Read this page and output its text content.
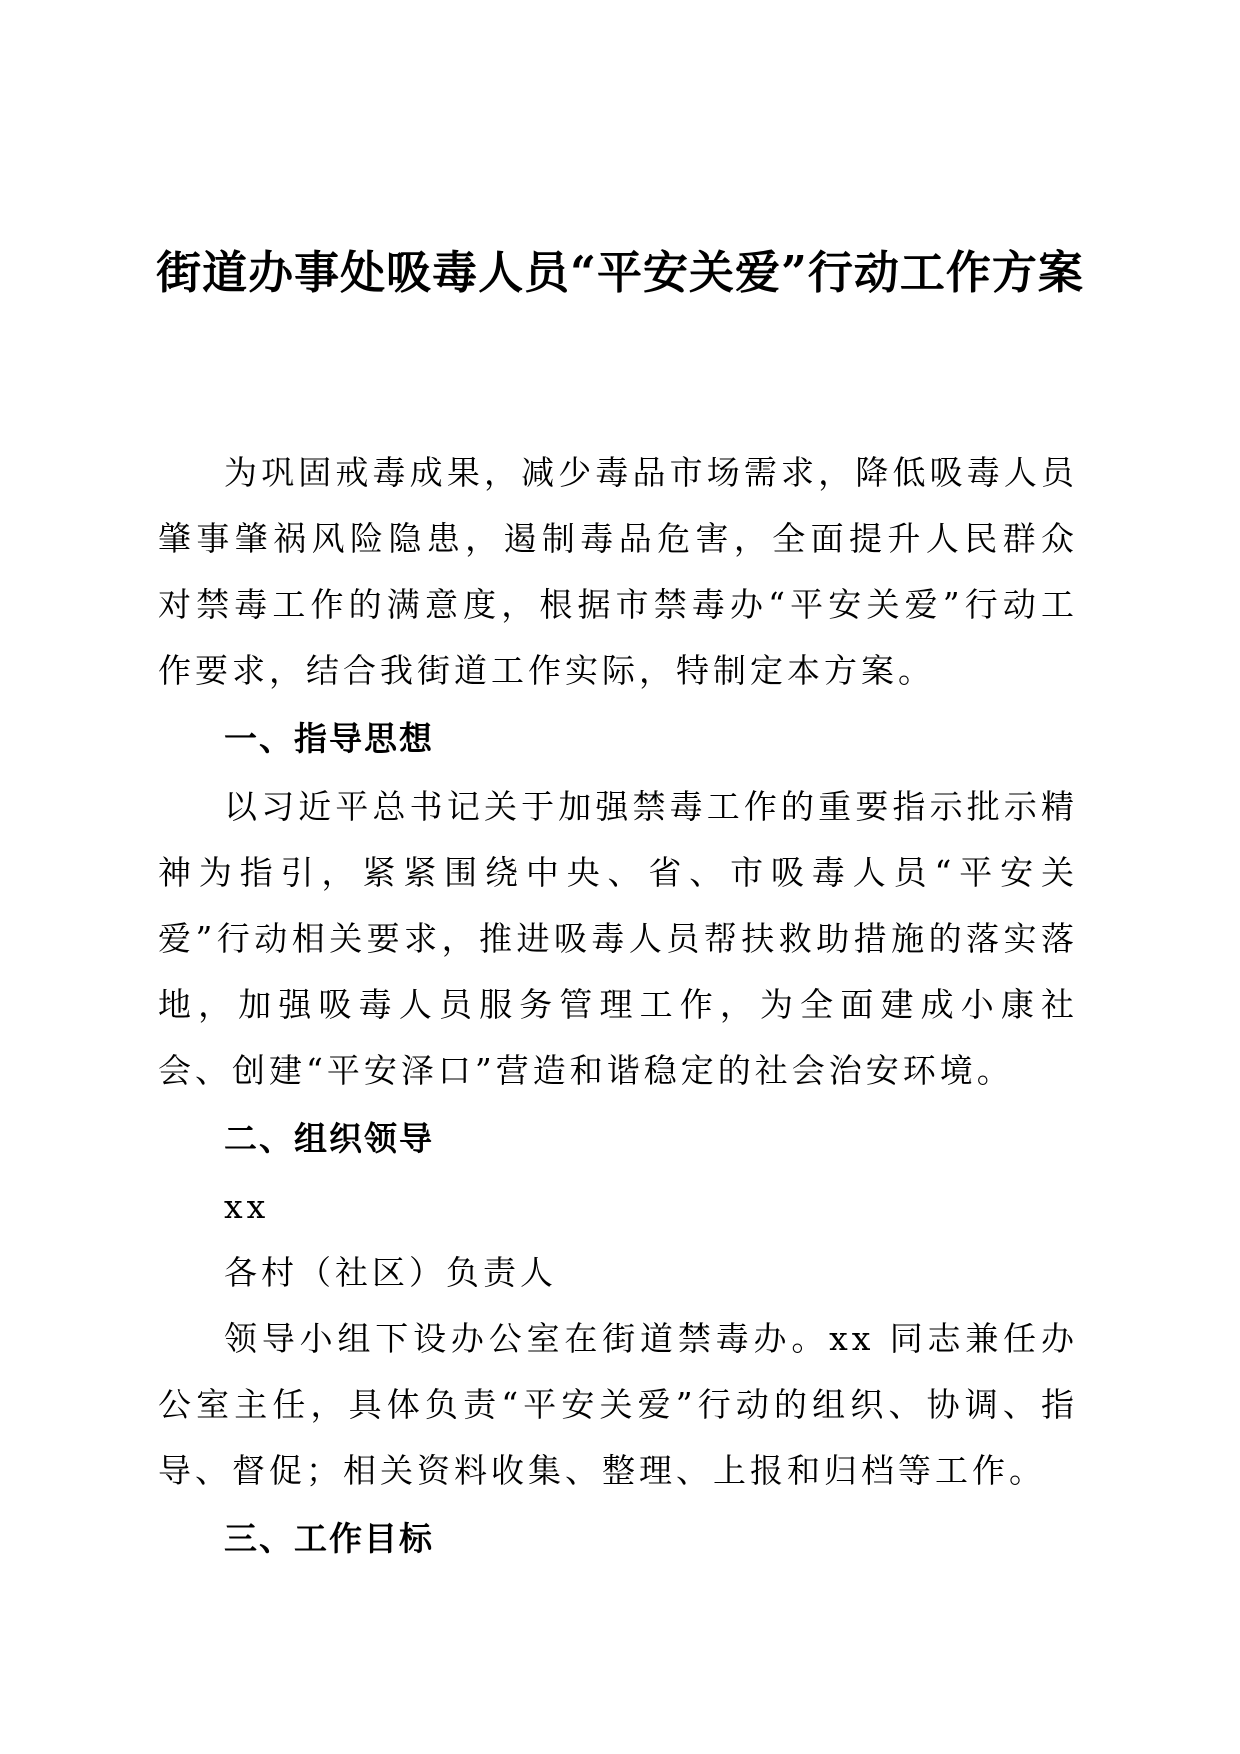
街道办事处吸毒人员“平安关爱”行动工作方案

为巩固戒毒成果，减少毒品市场需求，降低吸毒人员肇事肇祸风险隐患，遏制毒品危害，全面提升人民群众对禁毒工作的满意度，根据市禁毒办“平安关爱”行动工作要求，结合我街道工作实际，特制定本方案。

一、指导思想

以习近平总书记关于加强禁毒工作的重要指示批示精神为指引，紧紧围绕中央、省、市吸毒人员“平安关爱”行动相关要求，推进吸毒人员帮扶救助措施的落实落地，加强吸毒人员服务管理工作，为全面建成小康社会、创建“平安泽口”营造和谐稳定的社会治安环境。

二、组织领导

xx

各村（社区）负责人

领导小组下设办公室在街道禁毒办。xx 同志兼任办公室主任，具体负责“平安关爱”行动的组织、协调、指导、督促；相关资料收集、整理、上报和归档等工作。

三、工作目标
